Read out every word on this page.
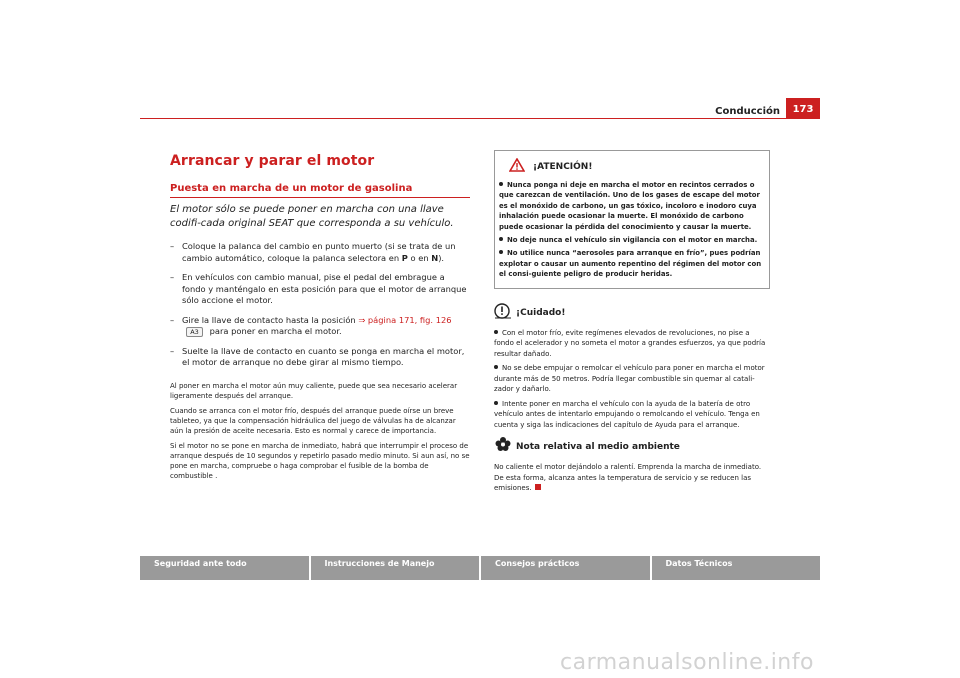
Conducción	173
Arrancar y parar el motor
Puesta en marcha de un motor de gasolina
El motor sólo se puede poner en marcha con una llave codifi-cada original SEAT que corresponda a su vehículo.
– Coloque la palanca del cambio en punto muerto (si se trata de un cambio automático, coloque la palanca selectora en P o en N).
– En vehículos con cambio manual, pise el pedal del embrague a fondo y manténgalo en esta posición para que el motor de arranque sólo accione el motor.
– Gire la llave de contacto hasta la posición ⇒ página 171, fig. 126A3 para poner en marcha el motor.
– Suelte la llave de contacto en cuanto se ponga en marcha el motor, el motor de arranque no debe girar al mismo tiempo.

Al poner en marcha el motor aún muy caliente, puede que sea necesario acelerar ligeramente después del arranque.

Cuando se arranca con el motor frío, después del arranque puede oírse un breve tableteo, ya que la compensación hidráulica del juego de válvulas ha de alcanzar aún la presión de aceite necesaria. Esto es normal y carece de importancia.

Si el motor no se pone en marcha de inmediato, habrá que interrumpir el proceso de arranque después de 10 segundos y repetirlo pasado medio minuto. Si aun así, no se pone en marcha, compruebe o haga comprobar el fusible de la bomba de combustible .

¡ATENCIÓN!
Nunca ponga ni deje en marcha el motor en recintos cerrados o que carezcan de ventilación. Uno de los gases de escape del motor es el monóxido de carbono, un gas tóxico, incoloro e inodoro cuya inhalación puede ocasionar la muerte. El monóxido de carbono puede ocasionar la pérdida del conocimiento y causar la muerte.
No deje nunca el vehículo sin vigilancia con el motor en marcha.
No utilice nunca “aerosoles para arranque en frío”, pues podrían explotar o causar un aumento repentino del régimen del motor con el consi-guiente peligro de producir heridas.
¡Cuidado!
Con el motor frío, evite regímenes elevados de revoluciones, no pise a fondo el acelerador y no someta el motor a grandes esfuerzos, ya que podría resultar dañado.
No se debe empujar o remolcar el vehículo para poner en marcha el motor durante más de 50 metros. Podría llegar combustible sin quemar al catali-zador y dañarlo.
Intente poner en marcha el vehículo con la ayuda de la batería de otro vehículo antes de intentarlo empujando o remolcando el vehículo. Tenga en cuenta y siga las indicaciones del capítulo de Ayuda para el arranque.
Nota relativa al medio ambiente

No caliente el motor dejándolo a ralentí. Emprenda la marcha de inmediato. De esta forma, alcanza antes la temperatura de servicio y se reducen las emisiones.

Seguridad ante todo	Instrucciones de Manejo	Consejos prácticos	Datos Técnicos
carmanualsonline.info
